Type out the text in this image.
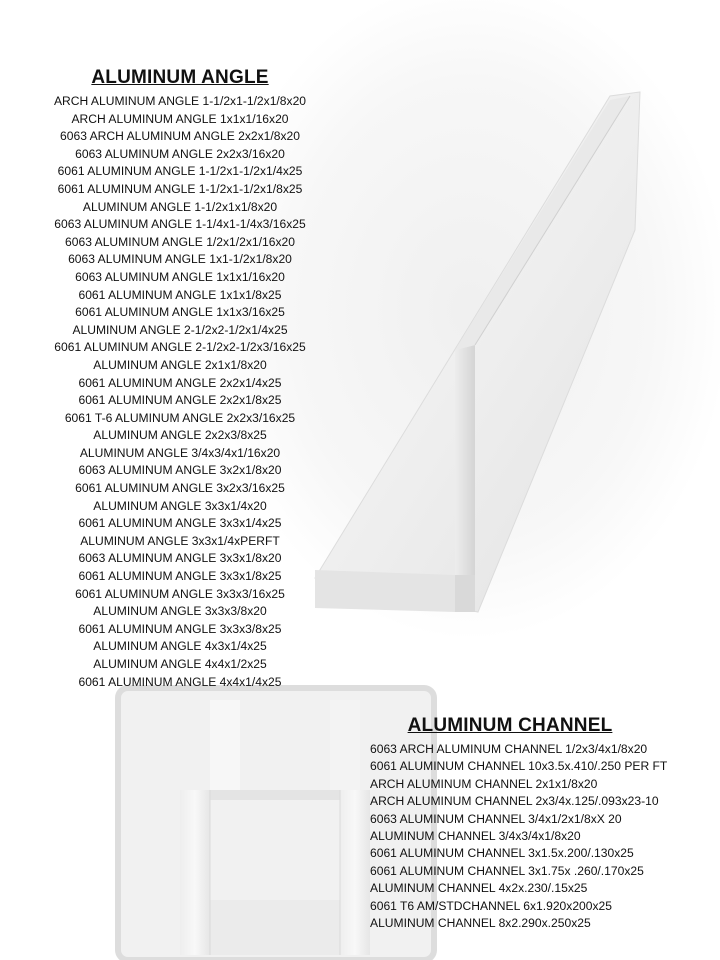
ALUMINUM ANGLE
ARCH ALUMINUM ANGLE 1-1/2x1-1/2x1/8x20
ARCH ALUMINUM ANGLE 1x1x1/16x20
6063 ARCH ALUMINUM ANGLE 2x2x1/8x20
6063 ALUMINUM ANGLE 2x2x3/16x20
6061 ALUMINUM ANGLE 1-1/2x1-1/2x1/4x25
6061 ALUMINUM ANGLE 1-1/2x1-1/2x1/8x25
ALUMINUM ANGLE 1-1/2x1x1/8x20
6063 ALUMINUM ANGLE 1-1/4x1-1/4x3/16x25
6063 ALUMINUM ANGLE 1/2x1/2x1/16x20
6063 ALUMINUM ANGLE 1x1-1/2x1/8x20
6063 ALUMINUM ANGLE 1x1x1/16x20
6061 ALUMINUM ANGLE 1x1x1/8x25
6061 ALUMINUM ANGLE 1x1x3/16x25
ALUMINUM ANGLE 2-1/2x2-1/2x1/4x25
6061 ALUMINUM ANGLE 2-1/2x2-1/2x3/16x25
ALUMINUM ANGLE 2x1x1/8x20
6061 ALUMINUM ANGLE 2x2x1/4x25
6061 ALUMINUM ANGLE 2x2x1/8x25
6061 T-6 ALUMINUM ANGLE 2x2x3/16x25
ALUMINUM ANGLE 2x2x3/8x25
ALUMINUM ANGLE 3/4x3/4x1/16x20
6063 ALUMINUM ANGLE 3x2x1/8x20
6061 ALUMINUM ANGLE 3x2x3/16x25
ALUMINUM ANGLE 3x3x1/4x20
6061 ALUMINUM ANGLE 3x3x1/4x25
ALUMINUM ANGLE 3x3x1/4xPERFT
6063 ALUMINUM ANGLE 3x3x1/8x20
6061 ALUMINUM ANGLE 3x3x1/8x25
6061 ALUMINUM ANGLE 3x3x3/16x25
ALUMINUM ANGLE 3x3x3/8x20
6061 ALUMINUM ANGLE 3x3x3/8x25
ALUMINUM ANGLE 4x3x1/4x25
ALUMINUM ANGLE 4x4x1/2x25
6061 ALUMINUM ANGLE 4x4x1/4x25
ALUMINUM CHANNEL
6063 ARCH ALUMINUM CHANNEL 1/2x3/4x1/8x20
6061 ALUMINUM CHANNEL 10x3.5x.410/.250 PER FT
ARCH ALUMINUM CHANNEL 2x1x1/8x20
ARCH ALUMINUM CHANNEL 2x3/4x.125/.093x23-10
6063 ALUMINUM CHANNEL 3/4x1/2x1/8xX 20
ALUMINUM CHANNEL 3/4x3/4x1/8x20
6061 ALUMINUM CHANNEL 3x1.5x.200/.130x25
6061 ALUMINUM CHANNEL 3x1.75x .260/.170x25
ALUMINUM CHANNEL 4x2x.230/.15x25
6061 T6 AM/STDCHANNEL 6x1.920x200x25
ALUMINUM CHANNEL 8x2.290x.250x25
